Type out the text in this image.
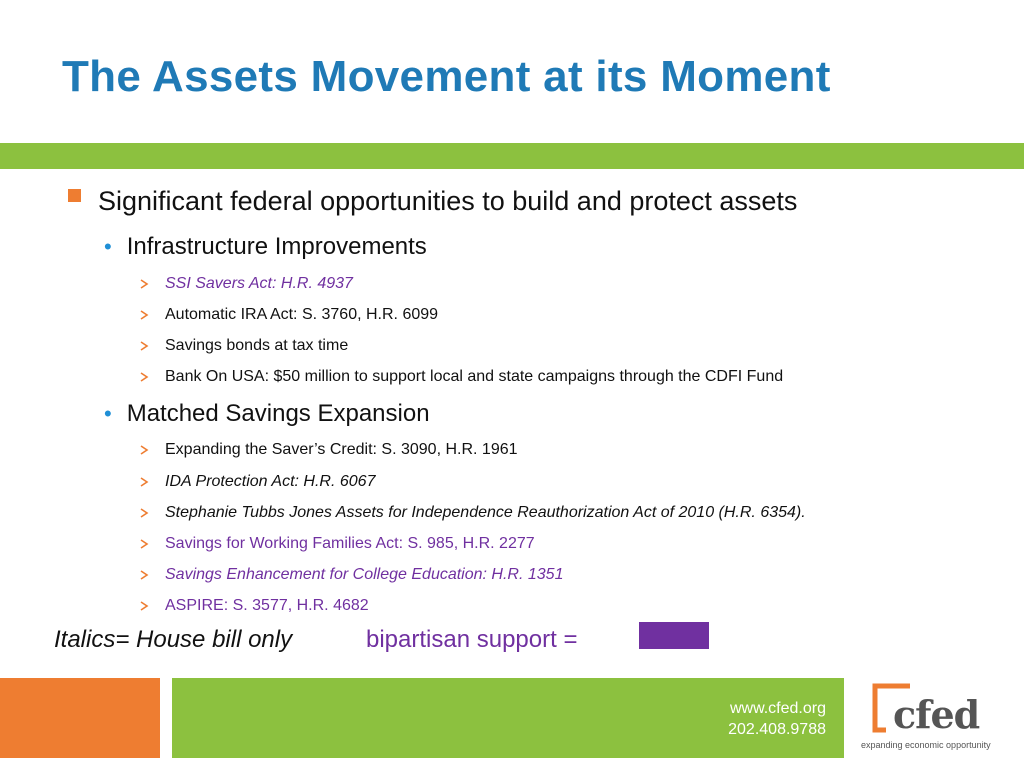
The Assets Movement at its Moment
Significant federal opportunities to build and protect assets
• Infrastructure Improvements
SSI Savers Act: H.R. 4937
Automatic IRA Act: S. 3760, H.R. 6099
Savings bonds at tax time
Bank On USA: $50 million to support local and state campaigns through the CDFI Fund
• Matched Savings Expansion
Expanding the Saver’s Credit: S. 3090, H.R. 1961
IDA Protection Act: H.R. 6067
Stephanie Tubbs Jones Assets for Independence Reauthorization Act of 2010 (H.R. 6354).
Savings for Working Families Act: S. 985, H.R. 2277
Savings Enhancement for College Education: H.R. 1351
ASPIRE: S. 3577, H.R. 4682
Italics= House bill only	bipartisan support =
www.cfed.org
202.408.9788 cfed
expanding economic opportunity
